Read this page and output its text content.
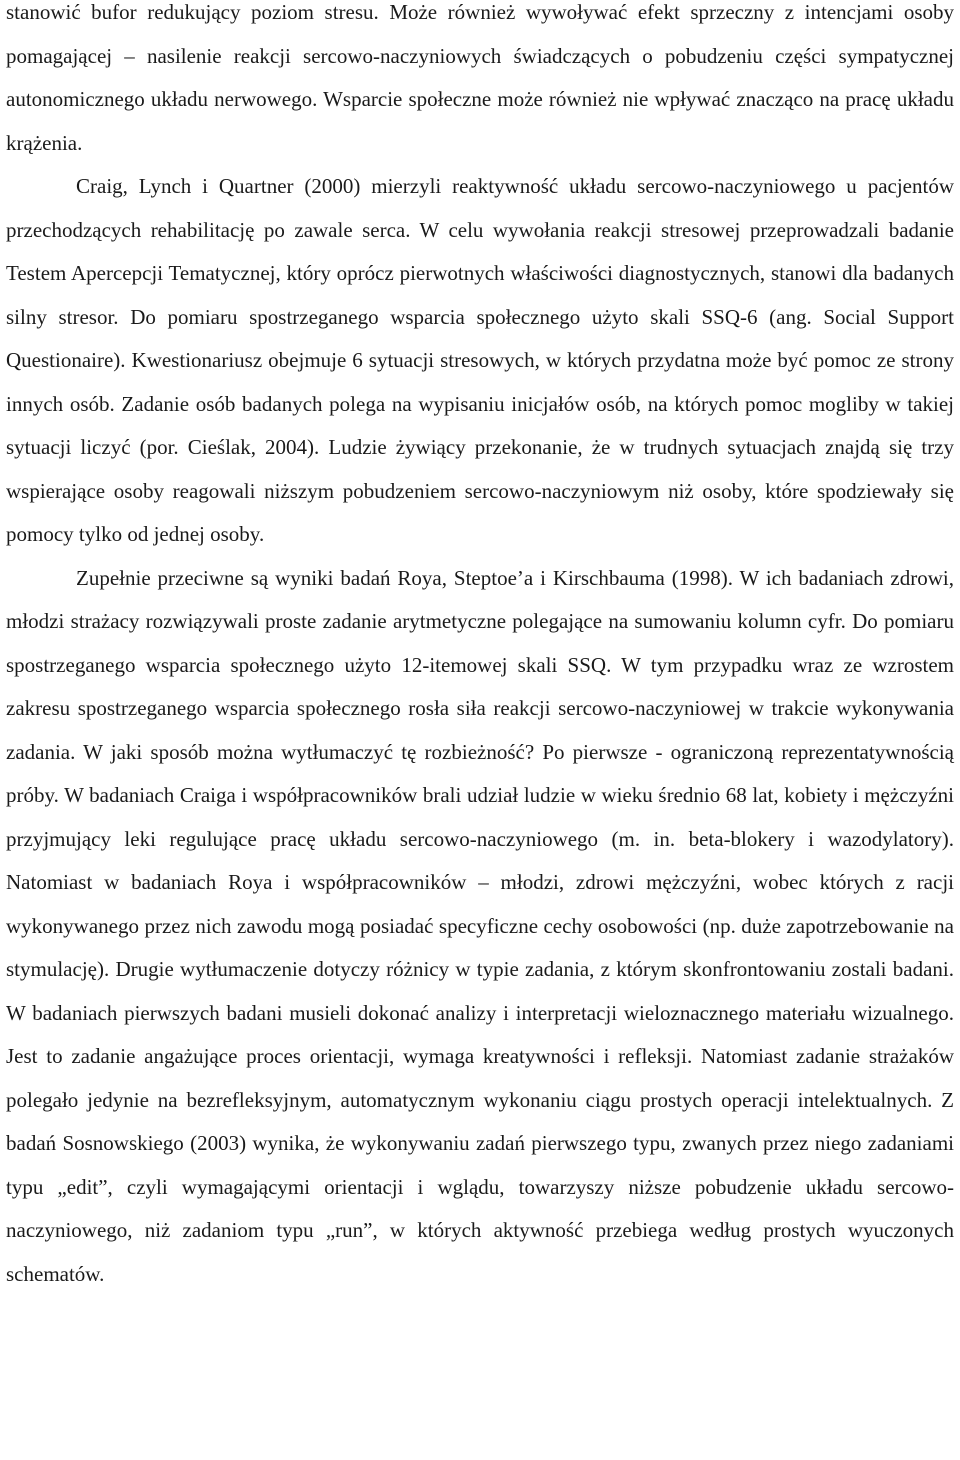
stanowić bufor redukujący poziom stresu. Może również wywoływać efekt sprzeczny z intencjami osoby pomagającej – nasilenie reakcji sercowo-naczyniowych świadczących o pobudzeniu części sympatycznej autonomicznego układu nerwowego. Wsparcie społeczne może również nie wpływać znacząco na pracę układu krążenia.

Craig, Lynch i Quartner (2000) mierzyli reaktywność układu sercowo-naczyniowego u pacjentów przechodzących rehabilitację po zawale serca. W celu wywołania reakcji stresowej przeprowadzali badanie Testem Apercepcji Tematycznej, który oprócz pierwotnych właściwości diagnostycznych, stanowi dla badanych silny stresor. Do pomiaru spostrzeganego wsparcia społecznego użyto skali SSQ-6 (ang. Social Support Questionaire). Kwestionariusz obejmuje 6 sytuacji stresowych, w których przydatna może być pomoc ze strony innych osób. Zadanie osób badanych polega na wypisaniu inicjałów osób, na których pomoc mogliby w takiej sytuacji liczyć (por. Cieślak, 2004). Ludzie żywiący przekonanie, że w trudnych sytuacjach znajdą się trzy wspierające osoby reagowali niższym pobudzeniem sercowo-naczyniowym niż osoby, które spodziewały się pomocy tylko od jednej osoby.

Zupełnie przeciwne są wyniki badań Roya, Steptoe’a i Kirschbauma (1998). W ich badaniach zdrowi, młodzi strażacy rozwiązywali proste zadanie arytmetyczne polegające na sumowaniu kolumn cyfr. Do pomiaru spostrzeganego wsparcia społecznego użyto 12-itemowej skali SSQ. W tym przypadku wraz ze wzrostem zakresu spostrzeganego wsparcia społecznego rosła siła reakcji sercowo-naczyniowej w trakcie wykonywania zadania. W jaki sposób można wytłumaczyć tę rozbieżność? Po pierwsze - ograniczoną reprezentatywnością próby. W badaniach Craiga i współpracowników brali udział ludzie w wieku średnio 68 lat, kobiety i mężczyźni przyjmujący leki regulujące pracę układu sercowo-naczyniowego (m. in. beta-blokery i wazodylatory). Natomiast w badaniach Roya i współpracowników – młodzi, zdrowi mężczyźni, wobec których z racji wykonywanego przez nich zawodu mogą posiadać specyficzne cechy osobowości (np. duże zapotrzebowanie na stymulację). Drugie wytłumaczenie dotyczy różnicy w typie zadania, z którym skonfrontowaniu zostali badani. W badaniach pierwszych badani musieli dokonać analizy i interpretacji wieloznacznego materiału wizualnego. Jest to zadanie angażujące proces orientacji, wymaga kreatywności i refleksji. Natomiast zadanie strażaków polegało jedynie na bezrefleksyjnym, automatycznym wykonaniu ciągu prostych operacji intelektualnych. Z badań Sosnowskiego (2003) wynika, że wykonywaniu zadań pierwszego typu, zwanych przez niego zadaniami typu „edit”, czyli wymagającymi orientacji i wglądu, towarzyszy niższe pobudzenie układu sercowo-naczyniowego, niż zadaniom typu „run”, w których aktywność przebiega według prostych wyuczonych schematów.
